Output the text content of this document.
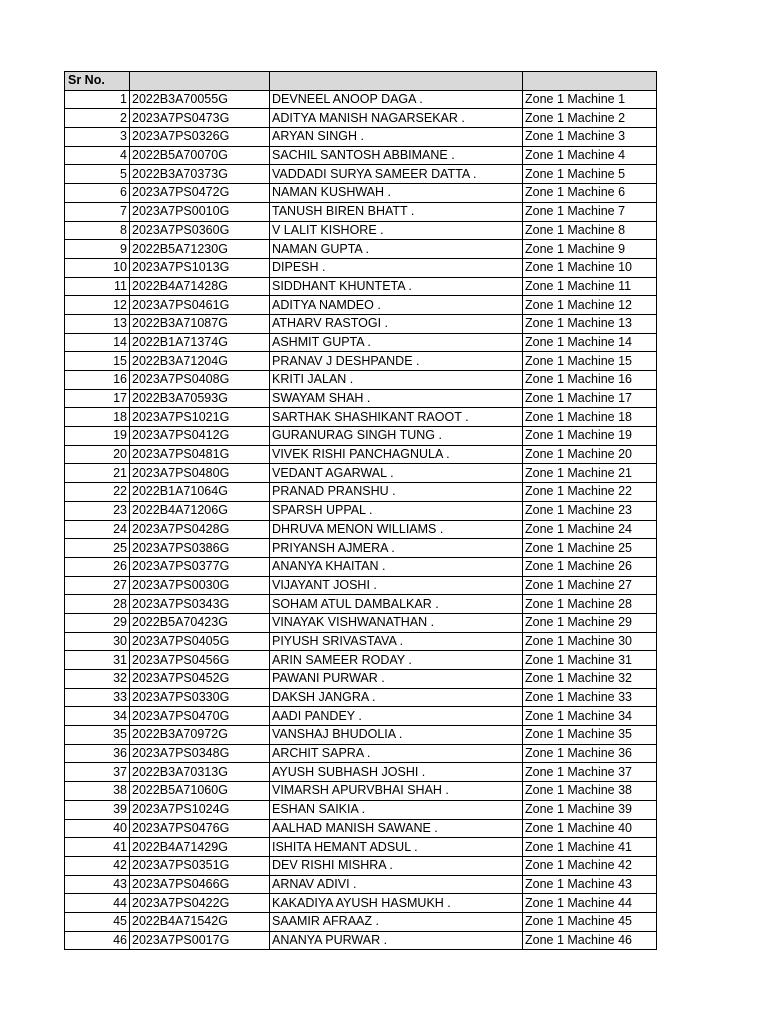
Sr No.			
1	2022B3A70055G	DEVNEEL ANOOP DAGA .	Zone 1 Machine 1
2	2023A7PS0473G	ADITYA MANISH NAGARSEKAR .	Zone 1 Machine 2
3	2023A7PS0326G	ARYAN SINGH .	Zone 1 Machine 3
4	2022B5A70070G	SACHIL SANTOSH ABBIMANE .	Zone 1 Machine 4
5	2022B3A70373G	VADDADI SURYA SAMEER DATTA .	Zone 1 Machine 5
6	2023A7PS0472G	NAMAN KUSHWAH .	Zone 1 Machine 6
7	2023A7PS0010G	TANUSH BIREN BHATT .	Zone 1 Machine 7
8	2023A7PS0360G	V LALIT KISHORE .	Zone 1 Machine 8
9	2022B5A71230G	NAMAN GUPTA .	Zone 1 Machine 9
10	2023A7PS1013G	DIPESH .	Zone 1 Machine 10
11	2022B4A71428G	SIDDHANT KHUNTETA .	Zone 1 Machine 11
12	2023A7PS0461G	ADITYA NAMDEO .	Zone 1 Machine 12
13	2022B3A71087G	ATHARV RASTOGI .	Zone 1 Machine 13
14	2022B1A71374G	ASHMIT GUPTA .	Zone 1 Machine 14
15	2022B3A71204G	PRANAV J DESHPANDE .	Zone 1 Machine 15
16	2023A7PS0408G	KRITI JALAN .	Zone 1 Machine 16
17	2022B3A70593G	SWAYAM SHAH .	Zone 1 Machine 17
18	2023A7PS1021G	SARTHAK SHASHIKANT RAOOT .	Zone 1 Machine 18
19	2023A7PS0412G	GURANURAG SINGH TUNG .	Zone 1 Machine 19
20	2023A7PS0481G	VIVEK RISHI PANCHAGNULA .	Zone 1 Machine 20
21	2023A7PS0480G	VEDANT AGARWAL .	Zone 1 Machine 21
22	2022B1A71064G	PRANAD PRANSHU .	Zone 1 Machine 22
23	2022B4A71206G	SPARSH UPPAL .	Zone 1 Machine 23
24	2023A7PS0428G	DHRUVA MENON WILLIAMS .	Zone 1 Machine 24
25	2023A7PS0386G	PRIYANSH AJMERA .	Zone 1 Machine 25
26	2023A7PS0377G	ANANYA KHAITAN .	Zone 1 Machine 26
27	2023A7PS0030G	VIJAYANT JOSHI .	Zone 1 Machine 27
28	2023A7PS0343G	SOHAM ATUL DAMBALKAR .	Zone 1 Machine 28
29	2022B5A70423G	VINAYAK VISHWANATHAN .	Zone 1 Machine 29
30	2023A7PS0405G	PIYUSH SRIVASTAVA .	Zone 1 Machine 30
31	2023A7PS0456G	ARIN SAMEER RODAY .	Zone 1 Machine 31
32	2023A7PS0452G	PAWANI PURWAR .	Zone 1 Machine 32
33	2023A7PS0330G	DAKSH JANGRA .	Zone 1 Machine 33
34	2023A7PS0470G	AADI PANDEY .	Zone 1 Machine 34
35	2022B3A70972G	VANSHAJ BHUDOLIA .	Zone 1 Machine 35
36	2023A7PS0348G	ARCHIT SAPRA .	Zone 1 Machine 36
37	2022B3A70313G	AYUSH SUBHASH JOSHI .	Zone 1 Machine 37
38	2022B5A71060G	VIMARSH APURVBHAI SHAH .	Zone 1 Machine 38
39	2023A7PS1024G	ESHAN SAIKIA .	Zone 1 Machine 39
40	2023A7PS0476G	AALHAD MANISH SAWANE .	Zone 1 Machine 40
41	2022B4A71429G	ISHITA HEMANT ADSUL .	Zone 1 Machine 41
42	2023A7PS0351G	DEV RISHI MISHRA .	Zone 1 Machine 42
43	2023A7PS0466G	ARNAV ADIVI .	Zone 1 Machine 43
44	2023A7PS0422G	KAKADIYA AYUSH HASMUKH .	Zone 1 Machine 44
45	2022B4A71542G	SAAMIR AFRAAZ .	Zone 1 Machine 45
46	2023A7PS0017G	ANANYA PURWAR .	Zone 1 Machine 46
